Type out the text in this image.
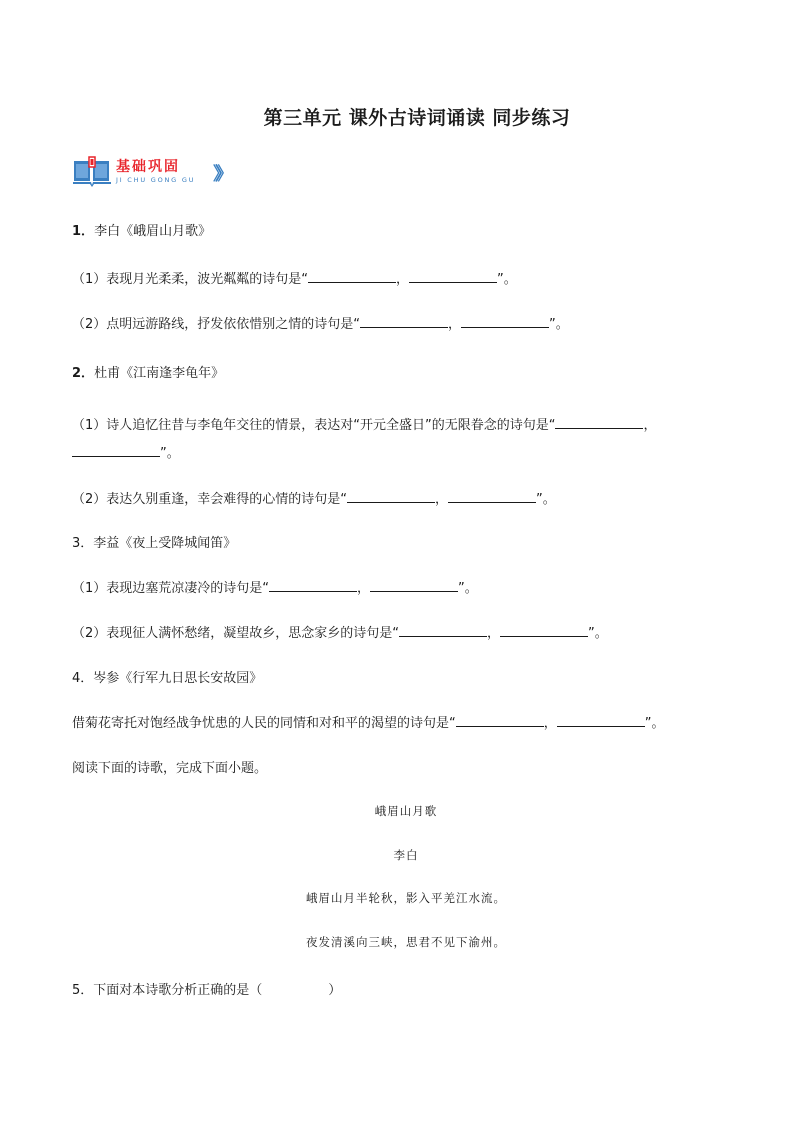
第三单元 课外古诗词诵读 同步练习
基础巩固
JI CHU GONG GU 》》
1．李白《峨眉山月歌》
（1）表现月光柔柔，波光粼粼的诗句是“	，	”。
（2）点明远游路线，抒发依依惜别之情的诗句是“	，	”。
2．杜甫《江南逢李龟年》
（1）诗人追忆往昔与李龟年交往的情景，表达对“开元全盛日”的无限眷念的诗句是“	，
”。
（2）表达久别重逢，幸会难得的心情的诗句是“	，	”。
3．李益《夜上受降城闻笛》
（1）表现边塞荒凉凄冷的诗句是“	，	”。
（2）表现征人满怀愁绪，凝望故乡，思念家乡的诗句是“	，	”。
4．岑参《行军九日思长安故园》
借菊花寄托对饱经战争忧患的人民的同情和对和平的渴望的诗句是“	，	”。
阅读下面的诗歌，完成下面小题。
峨眉山月歌
李白
峨眉山月半轮秋，影入平羌江水流。
夜发清溪向三峡，思君不见下渝州。
5．下面对本诗歌分析正确的是（	）
